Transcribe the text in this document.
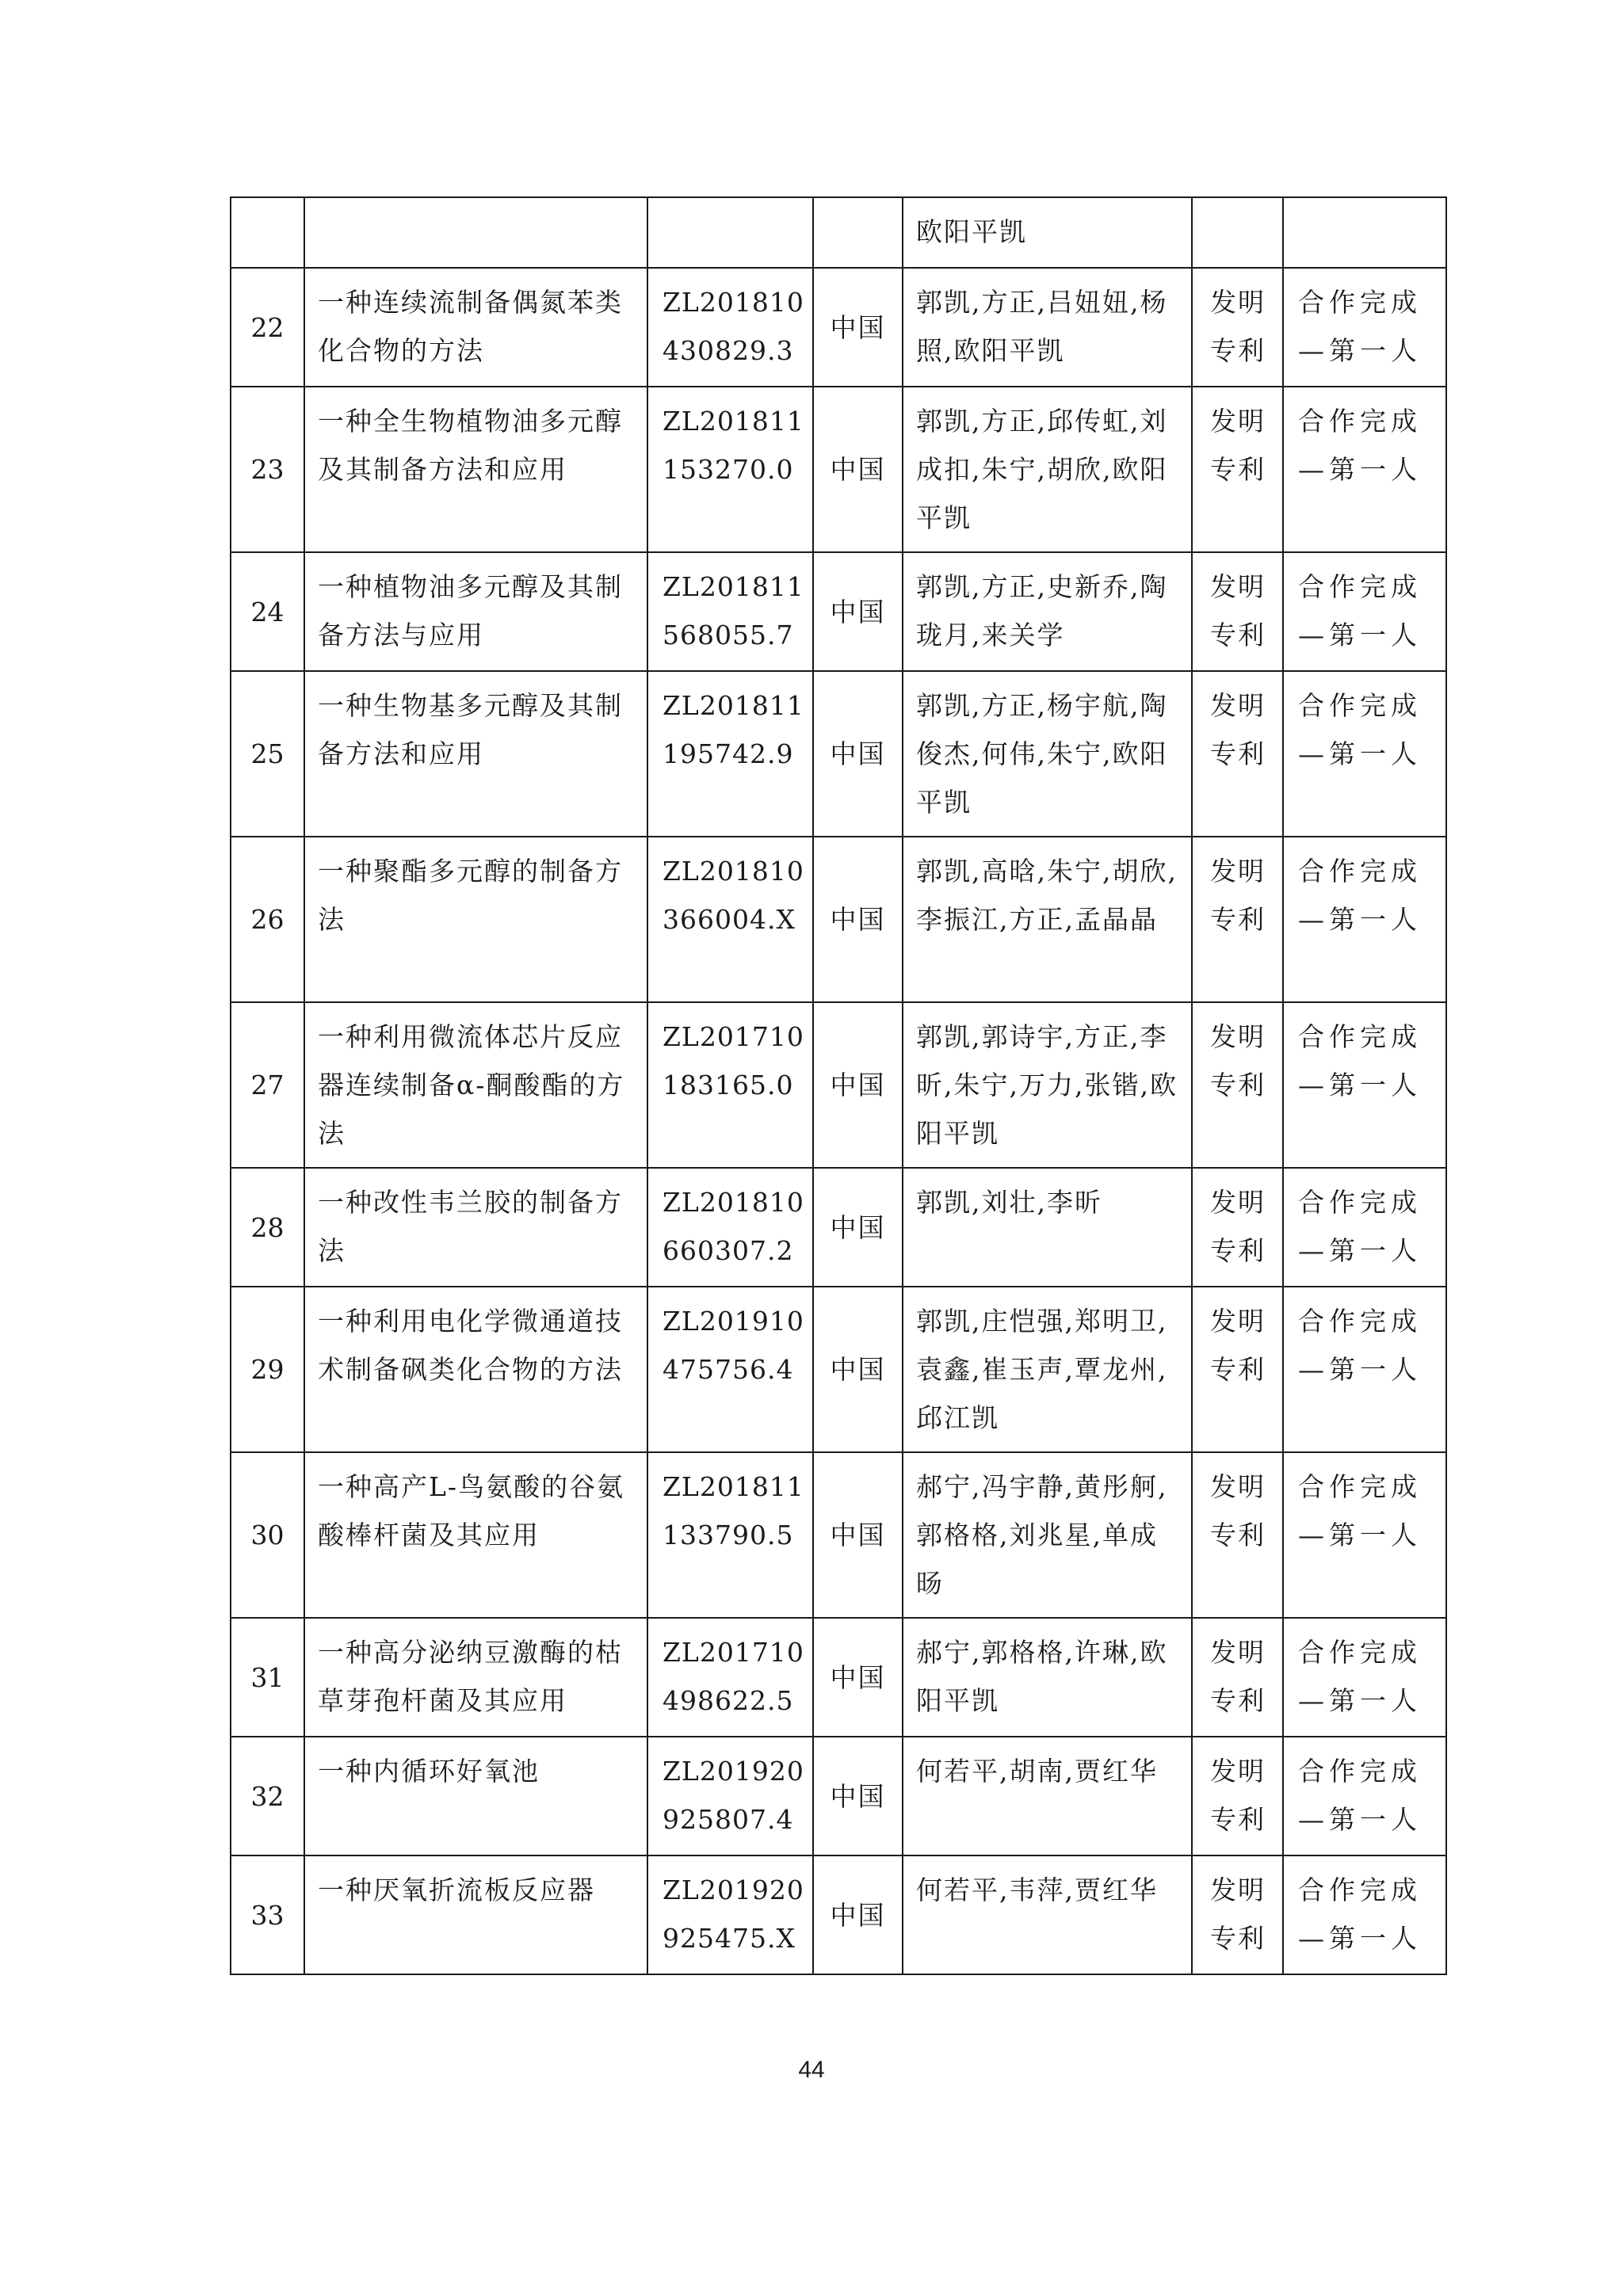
				欧阳平凯		
22	一种连续流制备偶氮苯类化合物的方法	ZL201810430829.3	中国	郭凯,方正,吕妞妞,杨照,欧阳平凯	发明专利	合作完成—第一人
23	一种全生物植物油多元醇及其制备方法和应用	ZL201811153270.0	中国	郭凯,方正,邱传虹,刘成扣,朱宁,胡欣,欧阳平凯	发明专利	合作完成—第一人
24	一种植物油多元醇及其制备方法与应用	ZL201811568055.7	中国	郭凯,方正,史新乔,陶珑月,来关学	发明专利	合作完成—第一人
25	一种生物基多元醇及其制备方法和应用	ZL201811195742.9	中国	郭凯,方正,杨宇航,陶俊杰,何伟,朱宁,欧阳平凯	发明专利	合作完成—第一人
26	一种聚酯多元醇的制备方法	ZL201810366004.X	中国	郭凯,高晗,朱宁,胡欣,李振江,方正,孟晶晶	发明专利	合作完成—第一人
27	一种利用微流体芯片反应器连续制备α-酮酸酯的方法	ZL201710183165.0	中国	郭凯,郭诗宇,方正,李昕,朱宁,万力,张锴,欧阳平凯	发明专利	合作完成—第一人
28	一种改性韦兰胶的制备方法	ZL201810660307.2	中国	郭凯,刘壮,李昕	发明专利	合作完成—第一人
29	一种利用电化学微通道技术制备砜类化合物的方法	ZL201910475756.4	中国	郭凯,庄恺强,郑明卫,袁鑫,崔玉声,覃龙州,邱江凯	发明专利	合作完成—第一人
30	一种高产L-鸟氨酸的谷氨酸棒杆菌及其应用	ZL201811133790.5	中国	郝宁,冯宇静,黄彤舸,郭格格,刘兆星,单成旸	发明专利	合作完成—第一人
31	一种高分泌纳豆激酶的枯草芽孢杆菌及其应用	ZL201710498622.5	中国	郝宁,郭格格,许琳,欧阳平凯	发明专利	合作完成—第一人
32	一种内循环好氧池	ZL201920925807.4	中国	何若平,胡南,贾红华	发明专利	合作完成—第一人
33	一种厌氧折流板反应器	ZL201920925475.X	中国	何若平,韦萍,贾红华	发明专利	合作完成—第一人
44
